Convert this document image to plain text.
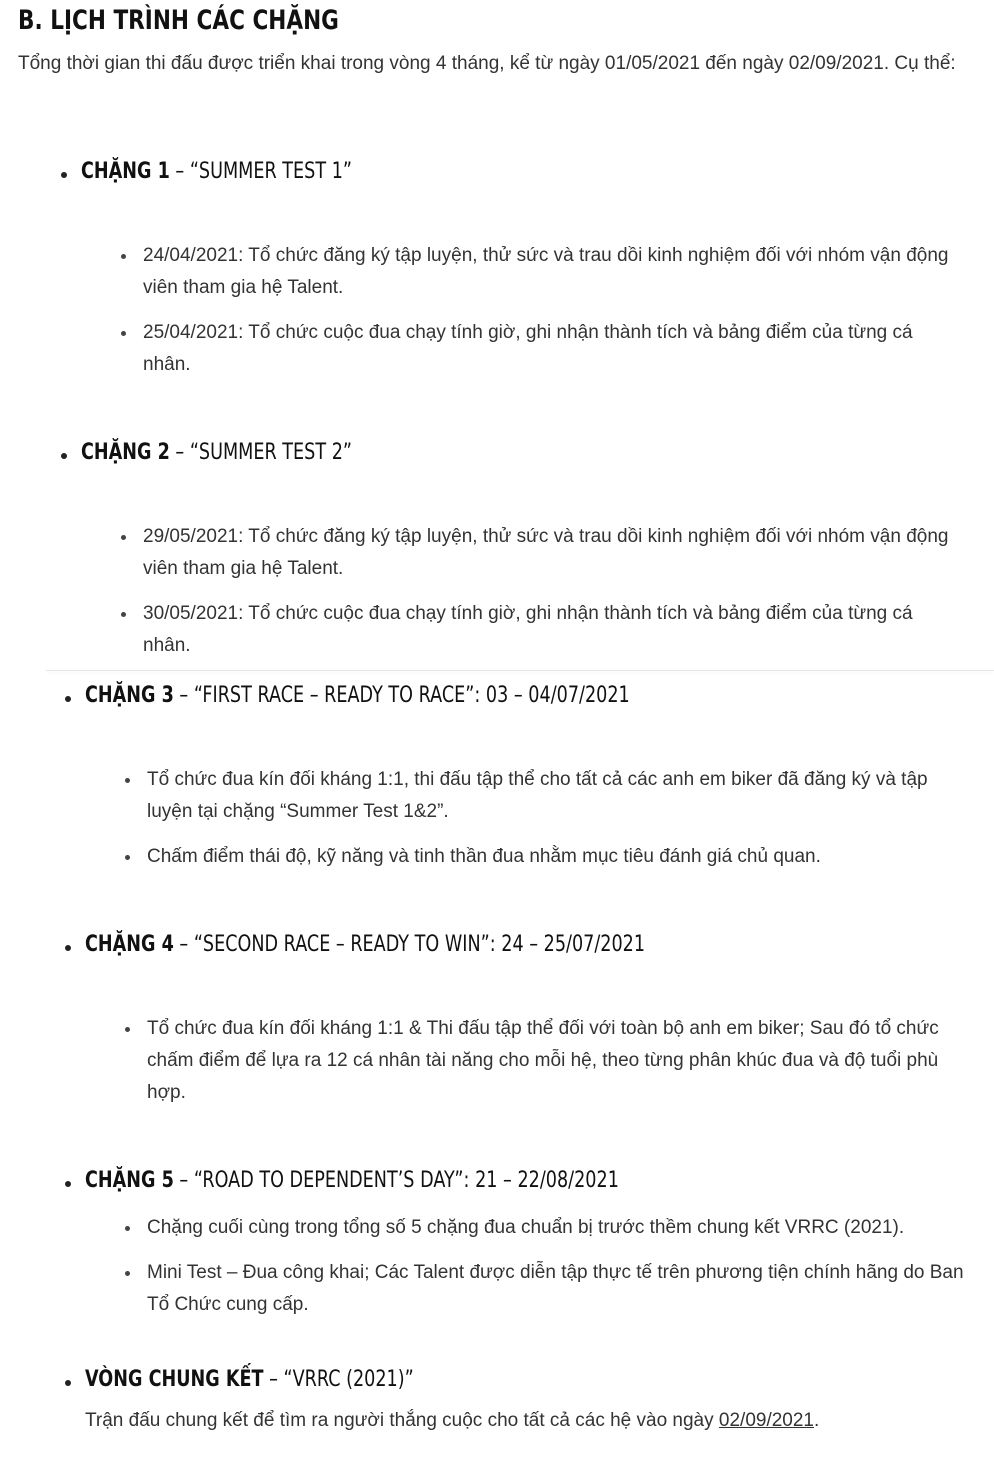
B. LỊCH TRÌNH CÁC CHẶNG

Tổng thời gian thi đấu được triển khai trong vòng 4 tháng, kể từ ngày 01/05/2021 đến ngày 02/09/2021. Cụ thể:

CHẶNG 1 – “SUMMER TEST 1”
24/04/2021: Tổ chức đăng ký tập luyện, thử sức và trau dồi kinh nghiệm đối với nhóm vận động viên tham gia hệ Talent.
25/04/2021: Tổ chức cuộc đua chạy tính giờ, ghi nhận thành tích và bảng điểm của từng cá nhân.
CHẶNG 2 – “SUMMER TEST 2”
29/05/2021: Tổ chức đăng ký tập luyện, thử sức và trau dồi kinh nghiệm đối với nhóm vận động viên tham gia hệ Talent.
30/05/2021: Tổ chức cuộc đua chạy tính giờ, ghi nhận thành tích và bảng điểm của từng cá nhân.
CHẶNG 3 – “FIRST RACE – READY TO RACE”: 03 – 04/07/2021
Tổ chức đua kín đối kháng 1:1, thi đấu tập thể cho tất cả các anh em biker đã đăng ký và tập luyện tại chặng “Summer Test 1&2”.
Chấm điểm thái độ, kỹ năng và tinh thần đua nhằm mục tiêu đánh giá chủ quan.
CHẶNG 4 – “SECOND RACE – READY TO WIN”: 24 – 25/07/2021
Tổ chức đua kín đối kháng 1:1 & Thi đấu tập thể đối với toàn bộ anh em biker; Sau đó tổ chức chấm điểm để lựa ra 12 cá nhân tài năng cho mỗi hệ, theo từng phân khúc đua và độ tuổi phù hợp.
CHẶNG 5 – “ROAD TO DEPENDENT’S DAY”: 21 – 22/08/2021
Chặng cuối cùng trong tổng số 5 chặng đua chuẩn bị trước thềm chung kết VRRC (2021).
Mini Test – Đua công khai; Các Talent được diễn tập thực tế trên phương tiện chính hãng do Ban Tổ Chức cung cấp.
VÒNG CHUNG KẾT – “VRRC (2021)”

Trận đấu chung kết để tìm ra người thắng cuộc cho tất cả các hệ vào ngày 02/09/2021.
